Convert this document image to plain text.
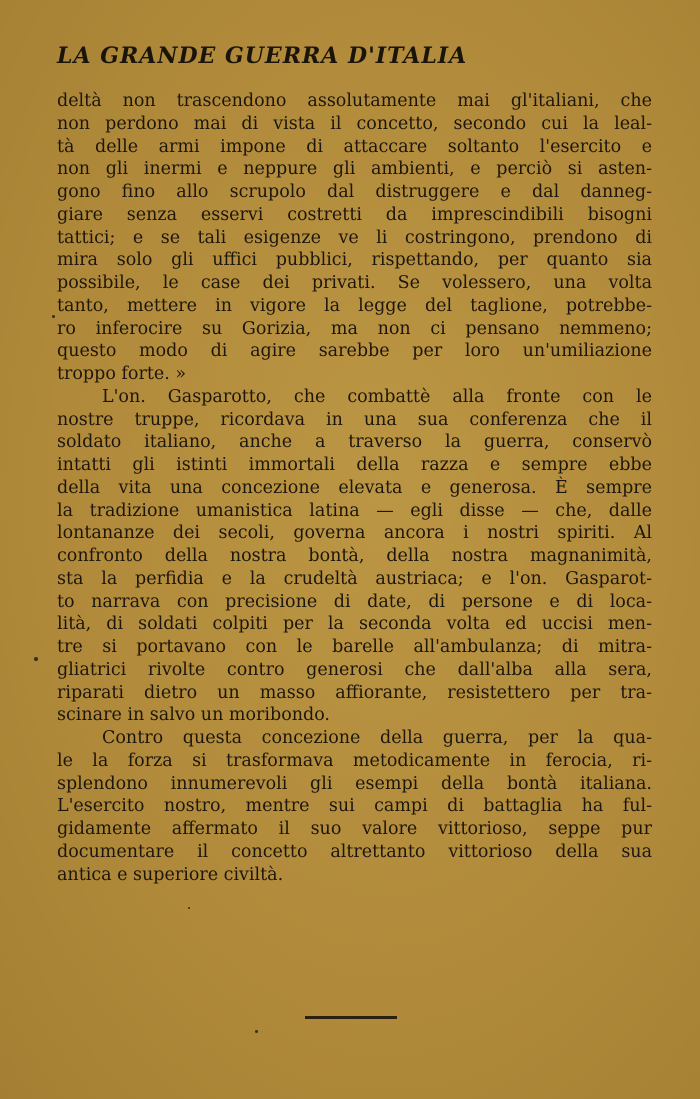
LA GRANDE GUERRA D'ITALIA
deltà non trascendono assolutamente mai gl'italiani, che
non perdono mai di vista il concetto, secondo cui la leal-
tà delle armi impone di attaccare soltanto l'esercito e
non gli inermi e neppure gli ambienti, e perciò si asten-
gono fino allo scrupolo dal distruggere e dal danneg-
giare senza esservi costretti da imprescindibili bisogni
tattici; e se tali esigenze ve li costringono, prendono di
mira solo gli uffici pubblici, rispettando, per quanto sia
possibile, le case dei privati. Se volessero, una volta
tanto, mettere in vigore la legge del taglione, potrebbe-
ro inferocire su Gorizia, ma non ci pensano nemmeno;
questo modo di agire sarebbe per loro un'umiliazione
troppo forte. »
L'on. Gasparotto, che combattè alla fronte con le
nostre truppe, ricordava in una sua conferenza che il
soldato italiano, anche a traverso la guerra, conservò
intatti gli istinti immortali della razza e sempre ebbe
della vita una concezione elevata e generosa. È sempre
la tradizione umanistica latina — egli disse — che, dalle
lontananze dei secoli, governa ancora i nostri spiriti. Al
confronto della nostra bontà, della nostra magnanimità,
sta la perfidia e la crudeltà austriaca; e l'on. Gasparot-
to narrava con precisione di date, di persone e di loca-
lità, di soldati colpiti per la seconda volta ed uccisi men-
tre si portavano con le barelle all'ambulanza; di mitra-
gliatrici rivolte contro generosi che dall'alba alla sera,
riparati dietro un masso affiorante, resistettero per tra-
scinare in salvo un moribondo.
Contro questa concezione della guerra, per la qua-
le la forza si trasformava metodicamente in ferocia, ri-
splendono innumerevoli gli esempi della bontà italiana.
L'esercito nostro, mentre sui campi di battaglia ha ful-
gidamente affermato il suo valore vittorioso, seppe pur
documentare il concetto altrettanto vittorioso della sua
antica e superiore civiltà.
